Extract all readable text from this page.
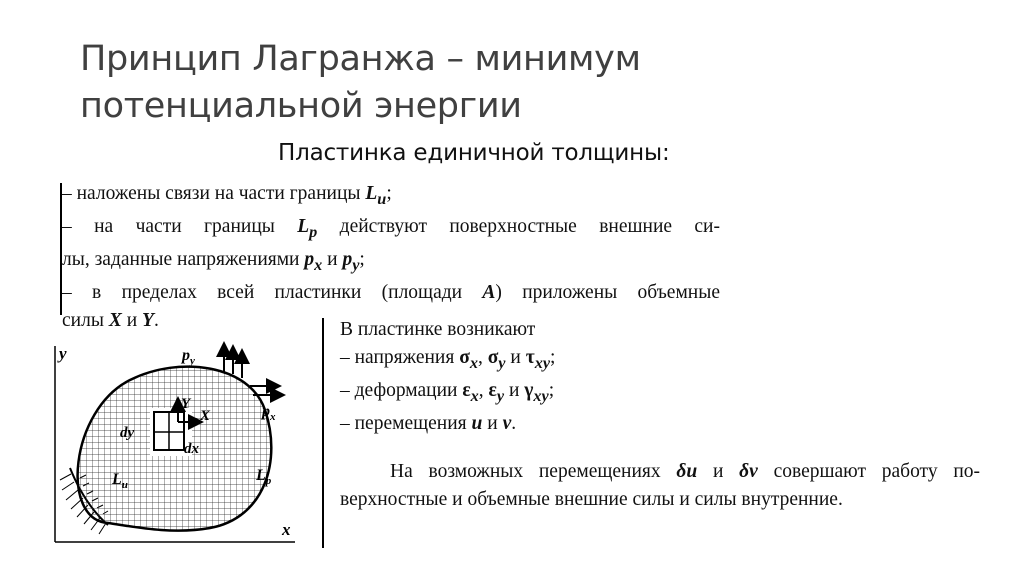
Принцип Лагранжа – минимум
потенциальной энергии
Пластинка единичной толщины:
– наложены связи на части границы $L_u$;
– на части границы $L_p$ действуют поверхностные внешние си-
лы, заданные напряжениями $p_x$ и $p_y$;
– в пределах всей пластинки (площади A) приложены объемные
силы X и Y.	В пластинке возникают
– напряжения $\sigma_x$, $\sigma_y$ и $\tau_{xy}$;
– деформации $\varepsilon_x$, $\varepsilon_y$ и $\gamma_{xy}$;
– перемещения u и v.
На возможных перемещениях δu и δv совершают работу по-
верхностные и объемные внешние силы и силы внутренние.
y
x
$p_y$
$p_x$
Y
X
dy
dx
$L_u$
$L_p$
